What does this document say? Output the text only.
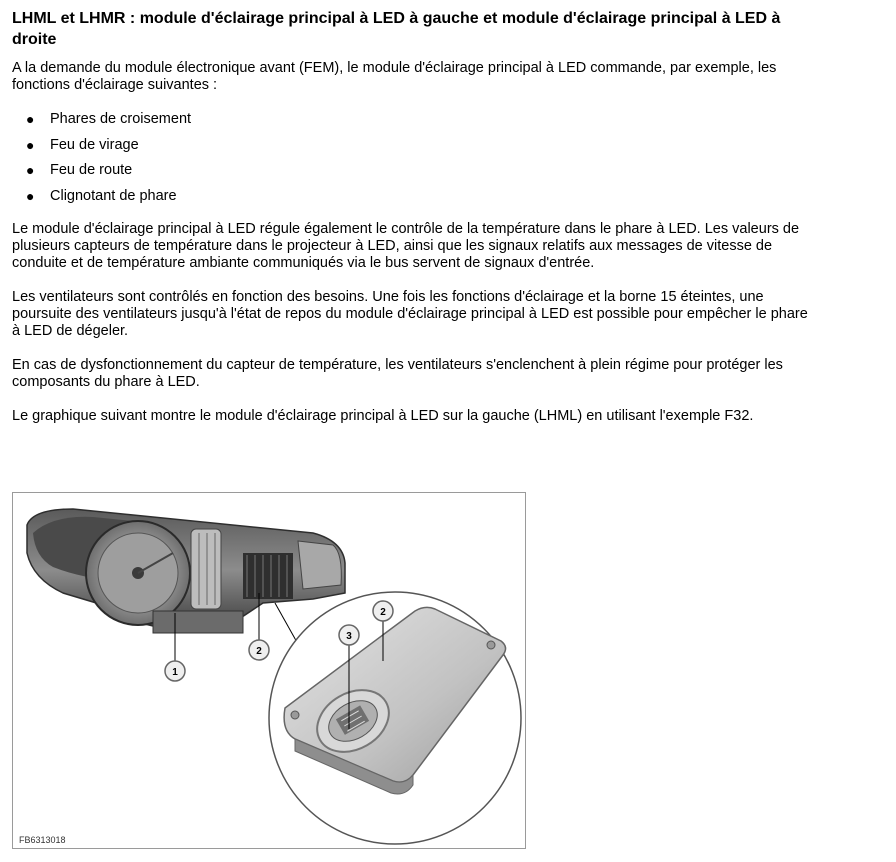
LHML et LHMR : module d'éclairage principal à LED à gauche et module d'éclairage principal à LED à droite

A la demande du module électronique avant (FEM), le module d'éclairage principal à LED commande, par exemple, les fonctions d'éclairage suivantes :

● Phares de croisement
● Feu de virage
● Feu de route
● Clignotant de phare

Le module d'éclairage principal à LED régule également le contrôle de la température dans le phare à LED. Les valeurs de plusieurs capteurs de température dans le projecteur à LED, ainsi que les signaux relatifs aux messages de vitesse de conduite et de température ambiante communiqués via le bus servent de signaux d'entrée.

Les ventilateurs sont contrôlés en fonction des besoins. Une fois les fonctions d'éclairage et la borne 15 éteintes, une poursuite des ventilateurs jusqu'à l'état de repos du module d'éclairage principal à LED est possible pour empêcher le phare à LED de dégeler.

En cas de dysfonctionnement du capteur de température, les ventilateurs s'enclenchent à plein régime pour protéger les composants du phare à LED.

Le graphique suivant montre le module d'éclairage principal à LED sur la gauche (LHML) en utilisant l'exemple F32.

1
2
2
3
FB6313018
